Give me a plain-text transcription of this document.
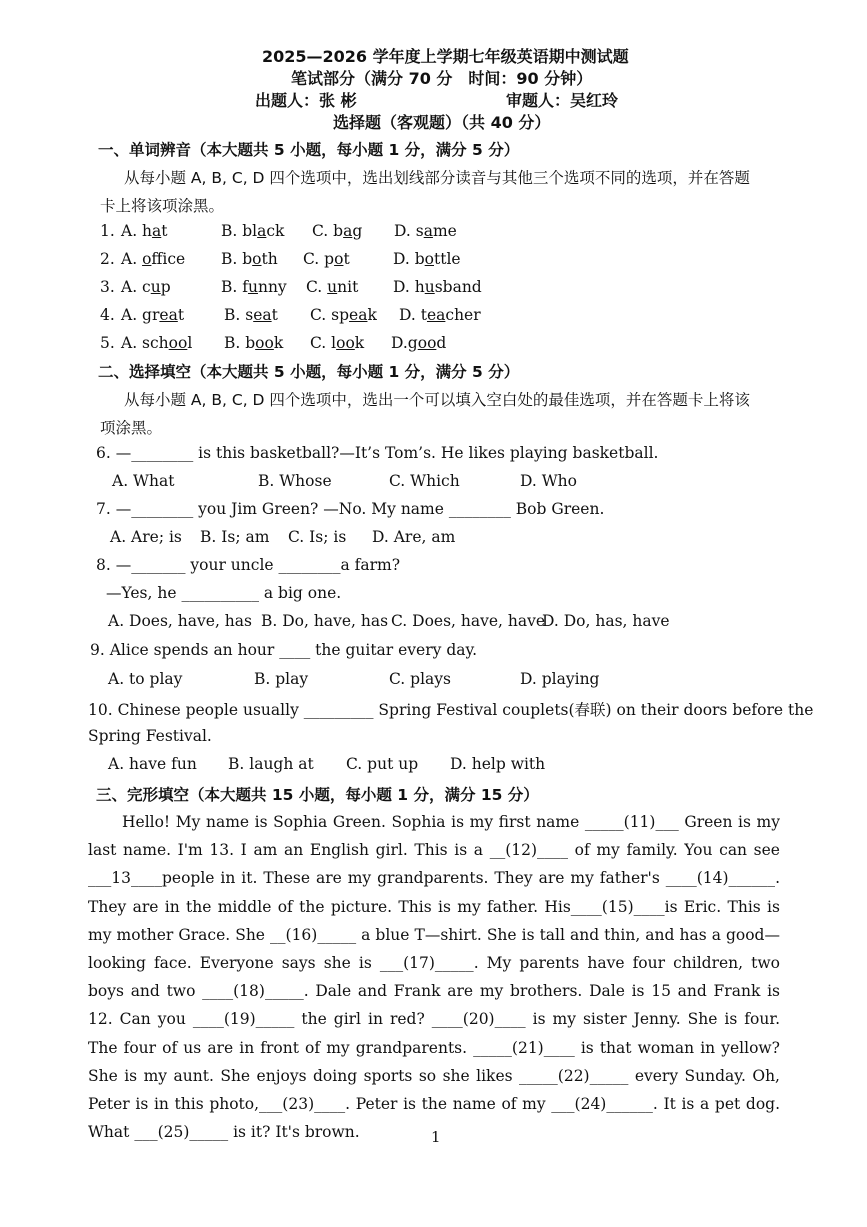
2025—2026 学年度上学期七年级英语期中测试题
笔试部分（满分 70 分　时间：90 分钟）
出题人：张 彬	审题人：吴红玲
选择题（客观题）（共 40 分）
一、单词辨音（本大题共 5 小题，每小题 1 分，满分 5 分）
从每小题 A, B, C, D 四个选项中，选出划线部分读音与其他三个选项不同的选项，并在答题
卡上将该项涂黑。
1. A. hat	B. black C. bag D. same
2. A. office B. both C. pot	D. bottle
3. A. cup	B. funny C. unit D. husband
4. A. great	B. seat C. speak D. teacher
5. A. school B. book C. look D.good
二、选择填空（本大题共 5 小题，每小题 1 分，满分 5 分）
从每小题 A, B, C, D 四个选项中，选出一个可以填入空白处的最佳选项，并在答题卡上将该
项涂黑。
6. —________ is this basketball?—It’s Tom’s. He likes playing basketball.
A. What	B. Whose	C. Which	D. Who
7. —________ you Jim Green? —No. My name ________ Bob Green.
A. Are; is B. Is; am C. Is; is D. Are, am
8. —_______ your uncle ________a farm?
—Yes, he __________ a big one.
A. Does, have, has B. Do, have, has C. Does, have, have
D. Do, has, have
9. Alice spends an hour ____ the guitar every day.
A. to play	B. play	C. plays	D. playing
10. Chinese people usually _________ Spring Festival couplets(春联) on their doors before the
Spring Festival.
A. have fun B. laugh at C. put up D. help with
三、完形填空（本大题共 15 小题，每小题 1 分，满分 15 分）
Hello! My name is Sophia Green. Sophia is my first name _____(11)___ Green is my last name. I'm 13. I am an English girl. This is a __(12)____ of my family. You can see ___13____people in it. These are my grandparents. They are my father's ____(14)______. They are in the middle of the picture. This is my father. His____(15)____is Eric. This is my mother Grace. She __(16)_____ a blue T—shirt. She is tall and thin, and has a good—looking face. Everyone says she is ___(17)_____. My parents have four children, two boys and two ____(18)_____. Dale and Frank are my brothers. Dale is 15 and Frank is 12. Can you ____(19)_____ the girl in red? ____(20)____ is my sister Jenny. She is four. The four of us are in front of my grandparents. _____(21)____ is that woman in yellow? She is my aunt. She enjoys doing sports so she likes _____(22)_____ every Sunday. Oh, Peter is in this photo,___(23)____. Peter is the name of my ___(24)______. It is a pet dog. What ___(25)_____ is it? It's brown.	1
